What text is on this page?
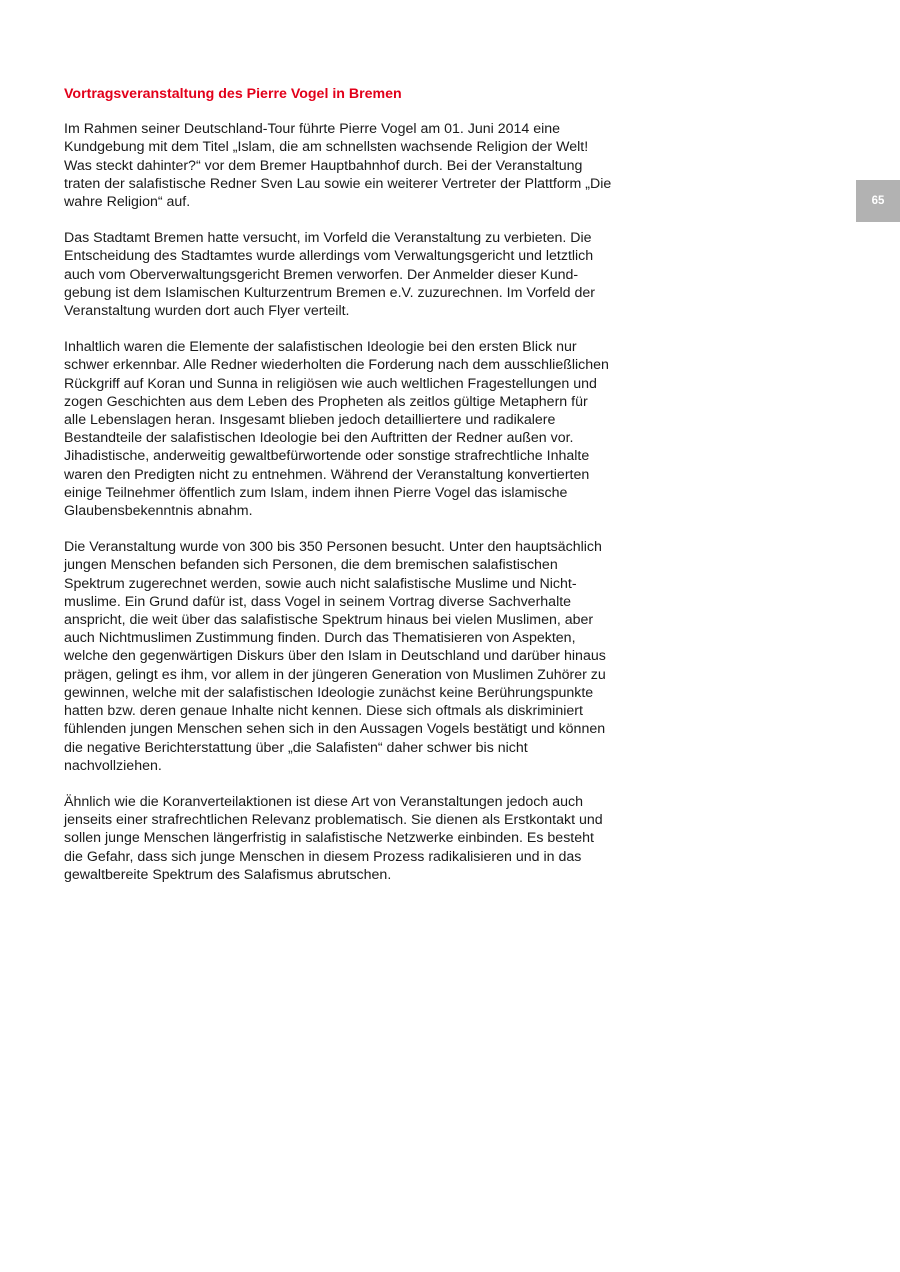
Vortragsveranstaltung des Pierre Vogel in Bremen

Im Rahmen seiner Deutschland-Tour führte Pierre Vogel am 01. Juni 2014 eine Kundgebung mit dem Titel „Islam, die am schnellsten wachsende Religion der Welt! Was steckt dahinter?“ vor dem Bremer Hauptbahnhof durch. Bei der Veranstaltung traten der salafistische Redner Sven Lau sowie ein weiterer Vertreter der Plattform „Die wahre Religion“ auf.

Das Stadtamt Bremen hatte versucht, im Vorfeld die Veranstaltung zu verbieten. Die Entscheidung des Stadtamtes wurde allerdings vom Verwaltungsgericht und letztlich auch vom Oberverwaltungsgericht Bremen verworfen. Der Anmelder dieser Kundgebung ist dem Islamischen Kulturzentrum Bremen e.V. zuzurechnen. Im Vorfeld der Veranstaltung wurden dort auch Flyer verteilt.

Inhaltlich waren die Elemente der salafistischen Ideologie bei den ersten Blick nur schwer erkennbar. Alle Redner wiederholten die Forderung nach dem ausschließlichen Rückgriff auf Koran und Sunna in religiösen wie auch weltlichen Fragestellungen und zogen Geschichten aus dem Leben des Propheten als zeitlos gültige Metaphern für alle Lebenslagen heran. Insgesamt blieben jedoch detailliertere und radikalere Bestandteile der salafistischen Ideologie bei den Auftritten der Redner außen vor. Jihadistische, anderweitig gewaltbefürwortende oder sonstige strafrechtliche Inhalte waren den Predigten nicht zu entnehmen. Während der Veranstaltung konvertierten einige Teilnehmer öffentlich zum Islam, indem ihnen Pierre Vogel das islamische Glaubensbekenntnis abnahm.

Die Veranstaltung wurde von 300 bis 350 Personen besucht. Unter den hauptsächlich jungen Menschen befanden sich Personen, die dem bremischen salafistischen Spektrum zugerechnet werden, sowie auch nicht salafistische Muslime und Nichtmuslime. Ein Grund dafür ist, dass Vogel in seinem Vortrag diverse Sachverhalte anspricht, die weit über das salafistische Spektrum hinaus bei vielen Muslimen, aber auch Nichtmuslimen Zustimmung finden. Durch das Thematisieren von Aspekten, welche den gegenwärtigen Diskurs über den Islam in Deutschland und darüber hinaus prägen, gelingt es ihm, vor allem in der jüngeren Generation von Muslimen Zuhörer zu gewinnen, welche mit der salafistischen Ideologie zunächst keine Berührungspunkte hatten bzw. deren genaue Inhalte nicht kennen. Diese sich oftmals als diskriminiert fühlenden jungen Menschen sehen sich in den Aussagen Vogels bestätigt und können die negative Berichterstattung über „die Salafisten“ daher schwer bis nicht nachvollziehen.

Ähnlich wie die Koranverteilaktionen ist diese Art von Veranstaltungen jedoch auch jenseits einer strafrechtlichen Relevanz problematisch. Sie dienen als Erstkontakt und sollen junge Menschen längerfristig in salafistische Netzwerke einbinden. Es besteht die Gefahr, dass sich junge Menschen in diesem Prozess radikalisieren und in das gewaltbereite Spektrum des Salafismus abrutschen.

65
